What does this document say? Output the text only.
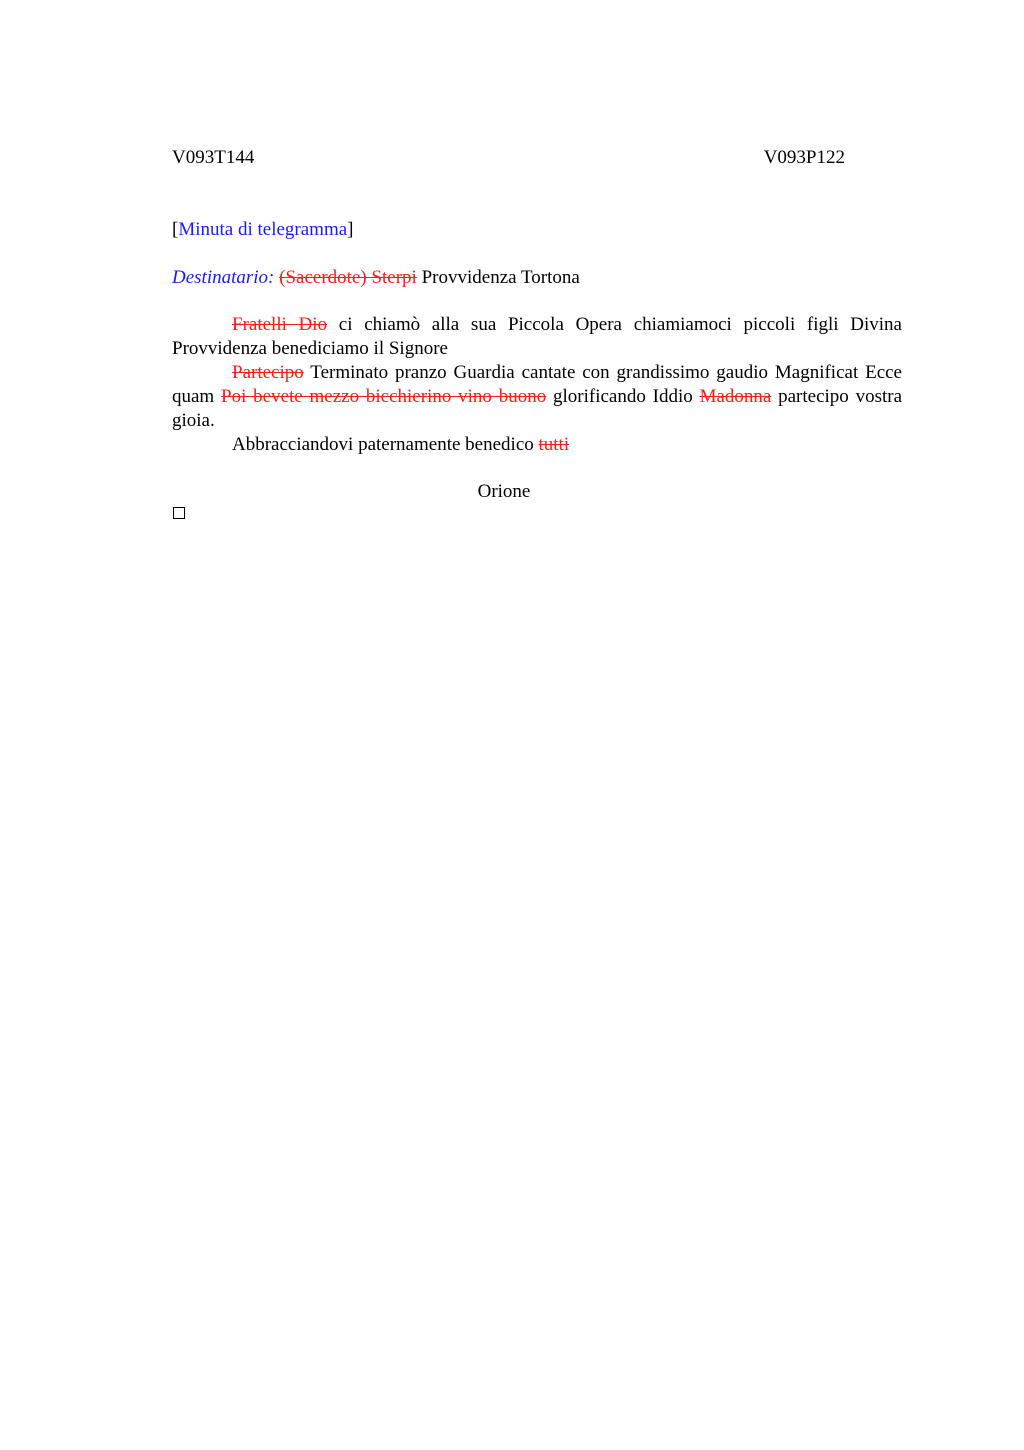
V093T144	V093P122
[Minuta di telegramma]
Destinatario: (Sacerdote) Sterpi Provvidenza Tortona

Fratelli Dio ci chiamò alla sua Piccola Opera chiamiamoci piccoli figli Divina Provvidenza benediciamo il Signore

Partecipo Terminato pranzo Guardia cantate con grandissimo gaudio Magnificat Ecce quam Poi bevete mezzo bicchierino vino buono glorificando Iddio Madonna partecipo vostra gioia.

Abbracciandovi paternamente benedico tutti

Orione
